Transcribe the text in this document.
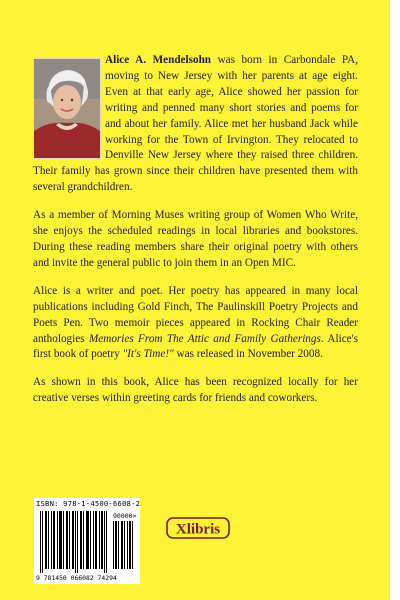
Alice A. Mendelsohn was born in Carbondale PA, moving to New Jersey with her parents at age eight. Even at that early age, Alice showed her passion for writing and penned many short stories and poems for and about her family. Alice met her husband Jack while working for the Town of Irvington. They relocated to Denville New Jersey where they raised three children. Their family has grown since their children have presented them with several grandchildren.

As a member of Morning Muses writing group of Women Who Write, she enjoys the scheduled readings in local libraries and bookstores. During these reading members share their original poetry with others and invite the general public to join them in an Open MIC.

Alice is a writer and poet. Her poetry has appeared in many local publications including Gold Finch, The Paulinskill Poetry Projects and Poets Pen. Two memoir pieces appeared in Rocking Chair Reader anthologies Memories From The Attic and Family Gatherings. Alice's first book of poetry "It's Time!" was released in November 2008.

As shown in this book, Alice has been recognized locally for her creative verses within greeting cards for friends and coworkers.

ISBN: 978-1-4500-6608-2
90000>
9 781450 066082 74294
Xlibris
